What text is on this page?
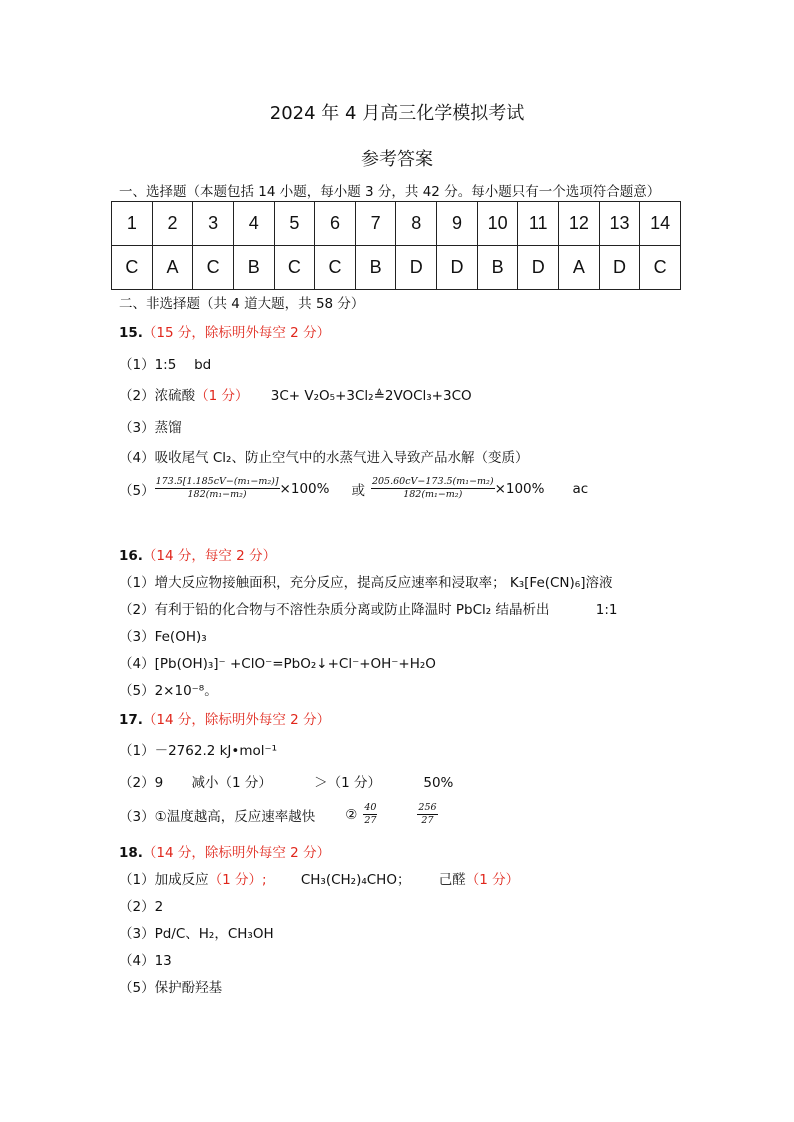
2024 年 4 月高三化学模拟考试
参考答案
一、选择题（本题包括 14 小题，每小题 3 分，共 42 分。每小题只有一个选项符合题意）
1	2	3	4	5	6	7	8	9	10	11	12	13	14
C	A	C	B	C	C	B	D	D	B	D	A	D	C
二、非选择题（共 4 道大题，共 58 分）
15.（15 分，除标明外每空 2 分）
（1）1:5　 bd
（2）浓硫酸（1 分） 3C+ V₂O₅+3Cl₂≜2VOCl₃+3CO
（3）蒸馏
（4）吸收尾气 Cl₂、防止空气中的水蒸气进入导致产品水解（变质）
$(5) \frac{\text{173.5[1.185cV−(m₁−m₂)]}}{\text{182(m₁−m₂)}} \times 100\%$ 或 $\frac{\text{205.60cV−173.5(m₁−m₂)}}{\text{182(m₁−m₂)}} \times 100\%$ ac
16.（14 分，每空 2 分）
（1）增大反应物接触面积，充分反应，提高反应速率和浸取率； K₃[Fe(CN)₆]溶液
（2）有利于铅的化合物与不溶性杂质分离或防止降温时 PbCl₂ 结晶析出	1:1
（3）Fe(OH)₃
（4）[Pb(OH)₃]⁻ +ClO⁻=PbO₂↓+Cl⁻+OH⁻+H₂O
（5）2×10⁻⁸。
17.（14 分，除标明外每空 2 分）
（1）－2762.2 kJ•mol⁻¹
（2）9 减小（1 分）	＞（1 分）	50%
（3）①温度越高，反应速率越快 ② $\frac{40}{27}$	$\frac{256}{27}$
18.（14 分，除标明外每空 2 分）
（1）加成反应（1 分）;	CH₃(CH₂)₄CHO； 己醛（1 分）
（2）2
（3）Pd/C、H₂，CH₃OH
（4）13
（5）保护酚羟基
